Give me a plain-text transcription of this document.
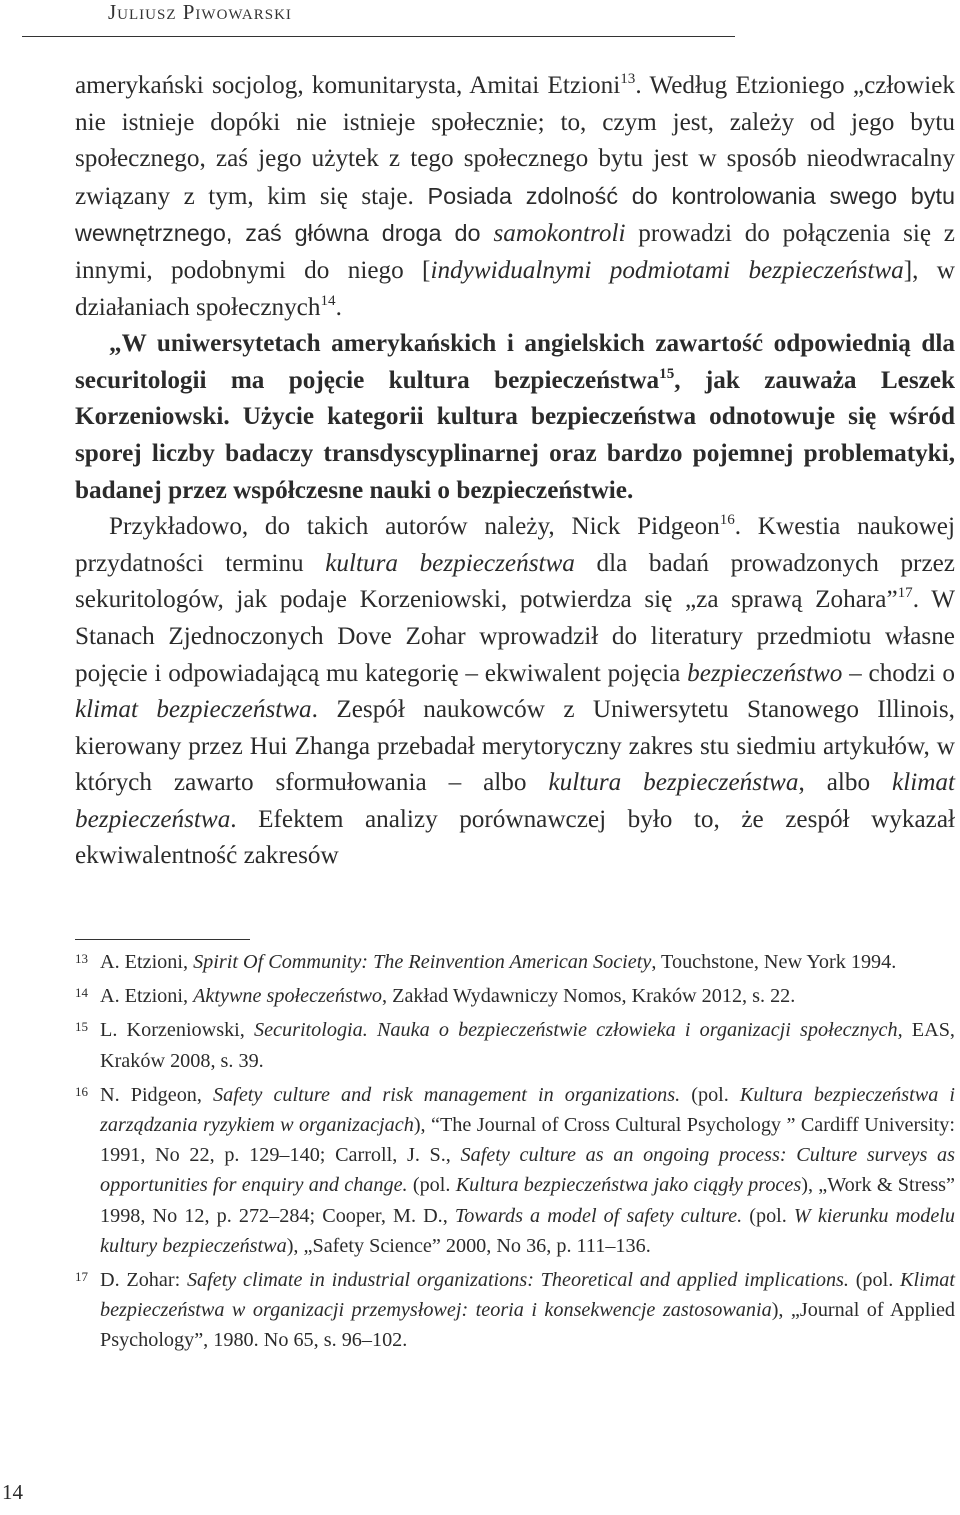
Juliusz Piwowarski

amerykański socjolog, komunitarysta, Amitai Etzioni$^{13}$. Według Etzioniego „człowiek nie istnieje dopóki nie istnieje społecznie; to, czym jest, zależy od jego bytu społecznego, zaś jego użytek z tego społecznego bytu jest w sposób nieodwracalny związany z tym, kim się staje. Posiada zdolność do kontrolowania swego bytu wewnętrznego, zaś główna droga do samokontroli prowadzi do połączenia się z innymi, podobnymi do niego [indywidualnymi podmiotami bezpieczeństwa], w działaniach społecznych$^{14}$.

„W uniwersytetach amerykańskich i angielskich zawartość odpowiednią dla securitologii ma pojęcie kultura bezpieczeństwa$^{15}$, jak zauważa Leszek Korzeniowski. Użycie kategorii kultura bezpieczeństwa odnotowuje się wśród sporej liczby badaczy transdyscyplinarnej oraz bardzo pojemnej problematyki, badanej przez współczesne nauki o bezpieczeństwie.

Przykładowo, do takich autorów należy, Nick Pidgeon$^{16}$. Kwestia naukowej przydatności terminu kultura bezpieczeństwa dla badań prowadzonych przez sekuritologów, jak podaje Korzeniowski, potwierdza się „za sprawą Zohara”$^{17}$. W Stanach Zjednoczonych Dove Zohar wprowadził do literatury przedmiotu własne pojęcie i odpowiadającą mu kategorię – ekwiwalent pojęcia bezpieczeństwo – chodzi o klimat bezpieczeństwa. Zespół naukowców z Uniwersytetu Stanowego Illinois, kierowany przez Hui Zhanga przebadał merytoryczny zakres stu siedmiu artykułów, w których zawarto sformułowania – albo kultura bezpieczeństwa, albo klimat bezpieczeństwa. Efektem analizy porównawczej było to, że zespół wykazał ekwiwalentność zakresów

13 A. Etzioni, Spirit Of Community: The Reinvention American Society, Touchstone, New York 1994.
14 A. Etzioni, Aktywne społeczeństwo, Zakład Wydawniczy Nomos, Kraków 2012, s. 22.
15 L. Korzeniowski, Securitologia. Nauka o bezpieczeństwie człowieka i organizacji społecznych, EAS, Kraków 2008, s. 39.
16 N. Pidgeon, Safety culture and risk management in organizations. (pol. Kultura bezpieczeństwa i zarządzania ryzykiem w organizacjach), “The Journal of Cross Cultural Psychology ” Cardiff University: 1991, No 22, p. 129–140; Carroll, J. S., Safety culture as an ongoing process: Culture surveys as opportunities for enquiry and change. (pol. Kultura bezpieczeństwa jako ciągły proces), „Work & Stress” 1998, No 12, p. 272–284; Cooper, M. D., Towards a model of safety culture. (pol. W kierunku modelu kultury bezpieczeństwa), „Safety Science” 2000, No 36, p. 111–136.
17 D. Zohar: Safety climate in industrial organizations: Theoretical and applied implications. (pol. Klimat bezpieczeństwa w organizacji przemysłowej: teoria i konsekwencje zastosowania), „Journal of Applied Psychology”, 1980. No 65, s. 96–102.
14
